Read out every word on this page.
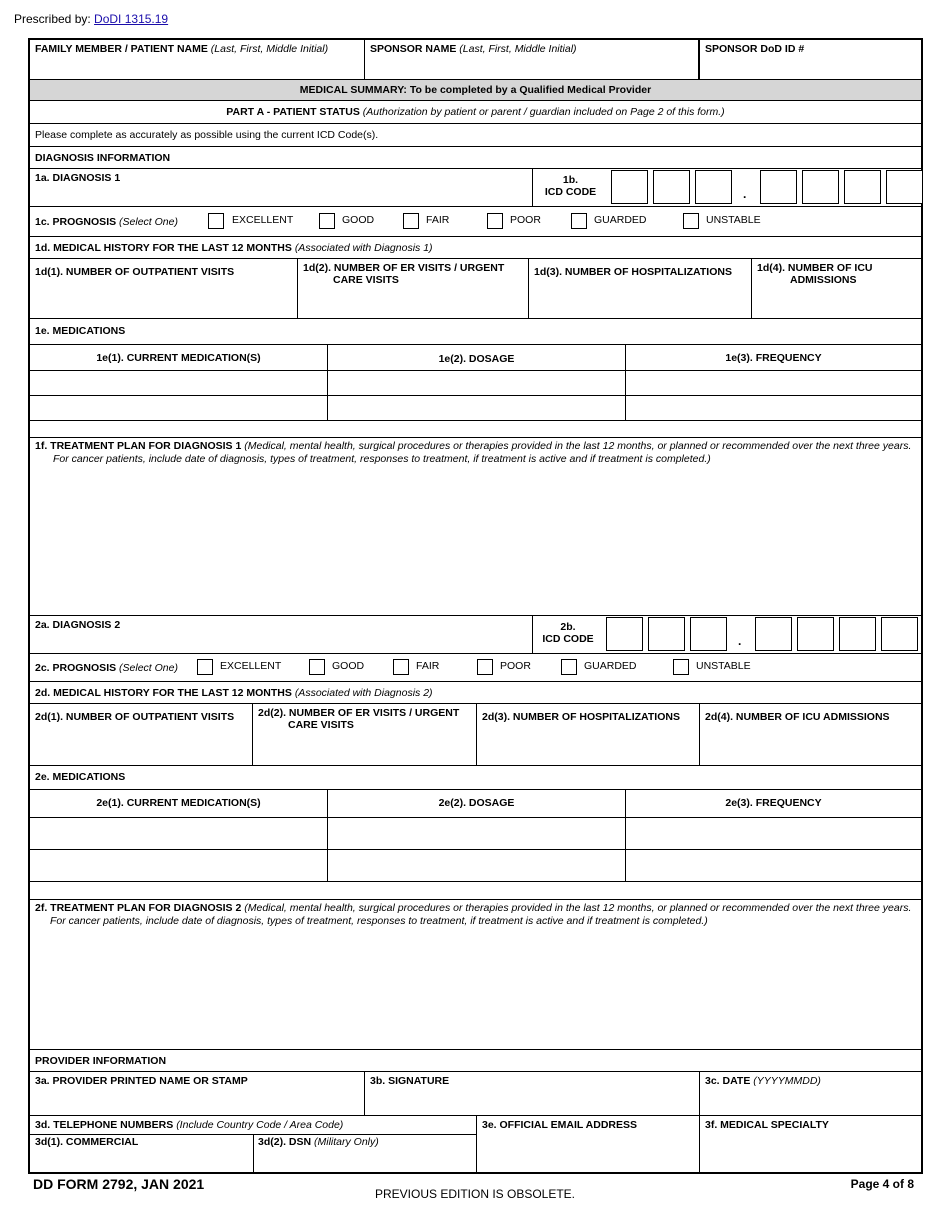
Prescribed by: DoDI 1315.19
FAMILY MEMBER / PATIENT NAME (Last, First, Middle Initial)	SPONSOR NAME (Last, First, Middle Initial)	SPONSOR DoD ID #
MEDICAL SUMMARY: To be completed by a Qualified Medical Provider
PART A - PATIENT STATUS (Authorization by patient or parent / guardian included on Page 2 of this form.)
Please complete as accurately as possible using the current ICD Code(s).
DIAGNOSIS INFORMATION
1a. DIAGNOSIS 1	1b.
ICD CODE	.
1c. PROGNOSIS (Select One)	EXCELLENT	GOOD	FAIR	POOR	GUARDED	UNSTABLE
1d. MEDICAL HISTORY FOR THE LAST 12 MONTHS (Associated with Diagnosis 1)
1d(1). NUMBER OF OUTPATIENT VISITS	1d(2). NUMBER OF ER VISITS / URGENT
CARE VISITS
1d(3). NUMBER OF HOSPITALIZATIONS 1d(4). NUMBER OF ICU
ADMISSIONS
1e. MEDICATIONS
1e(1). CURRENT MEDICATION(S)	1e(2). DOSAGE	1e(3). FREQUENCY
1f. TREATMENT PLAN FOR DIAGNOSIS 1 (Medical, mental health, surgical procedures or therapies provided in the last 12 months, or planned or recommended over the next three years. For cancer patients, include date of diagnosis, types of treatment, responses to treatment, if treatment is active and if treatment is completed.)
2a. DIAGNOSIS 2	2b.
ICD CODE	.
2c. PROGNOSIS (Select One)	EXCELLENT	GOOD	FAIR	POOR	GUARDED	UNSTABLE
2d. MEDICAL HISTORY FOR THE LAST 12 MONTHS (Associated with Diagnosis 2)
2d(1). NUMBER OF OUTPATIENT VISITS 2d(2). NUMBER OF ER VISITS / URGENT
CARE VISITS
2d(3). NUMBER OF HOSPITALIZATIONS 2d(4). NUMBER OF ICU ADMISSIONS
2e. MEDICATIONS
2e(1). CURRENT MEDICATION(S)	2e(2). DOSAGE	2e(3). FREQUENCY
2f. TREATMENT PLAN FOR DIAGNOSIS 2 (Medical, mental health, surgical procedures or therapies provided in the last 12 months, or planned or recommended over the next three years. For cancer patients, include date of diagnosis, types of treatment, responses to treatment, if treatment is active and if treatment is completed.)
PROVIDER INFORMATION
3a. PROVIDER PRINTED NAME OR STAMP	3b. SIGNATURE	3c. DATE (YYYYMMDD)
3d. TELEPHONE NUMBERS (Include Country Code / Area Code)
3d(1). COMMERCIAL	3d(2). DSN (Military Only)
3e. OFFICIAL EMAIL ADDRESS	3f. MEDICAL SPECIALTY
DD FORM 2792, JAN 2021
PREVIOUS EDITION IS OBSOLETE.
Page 4 of 8
